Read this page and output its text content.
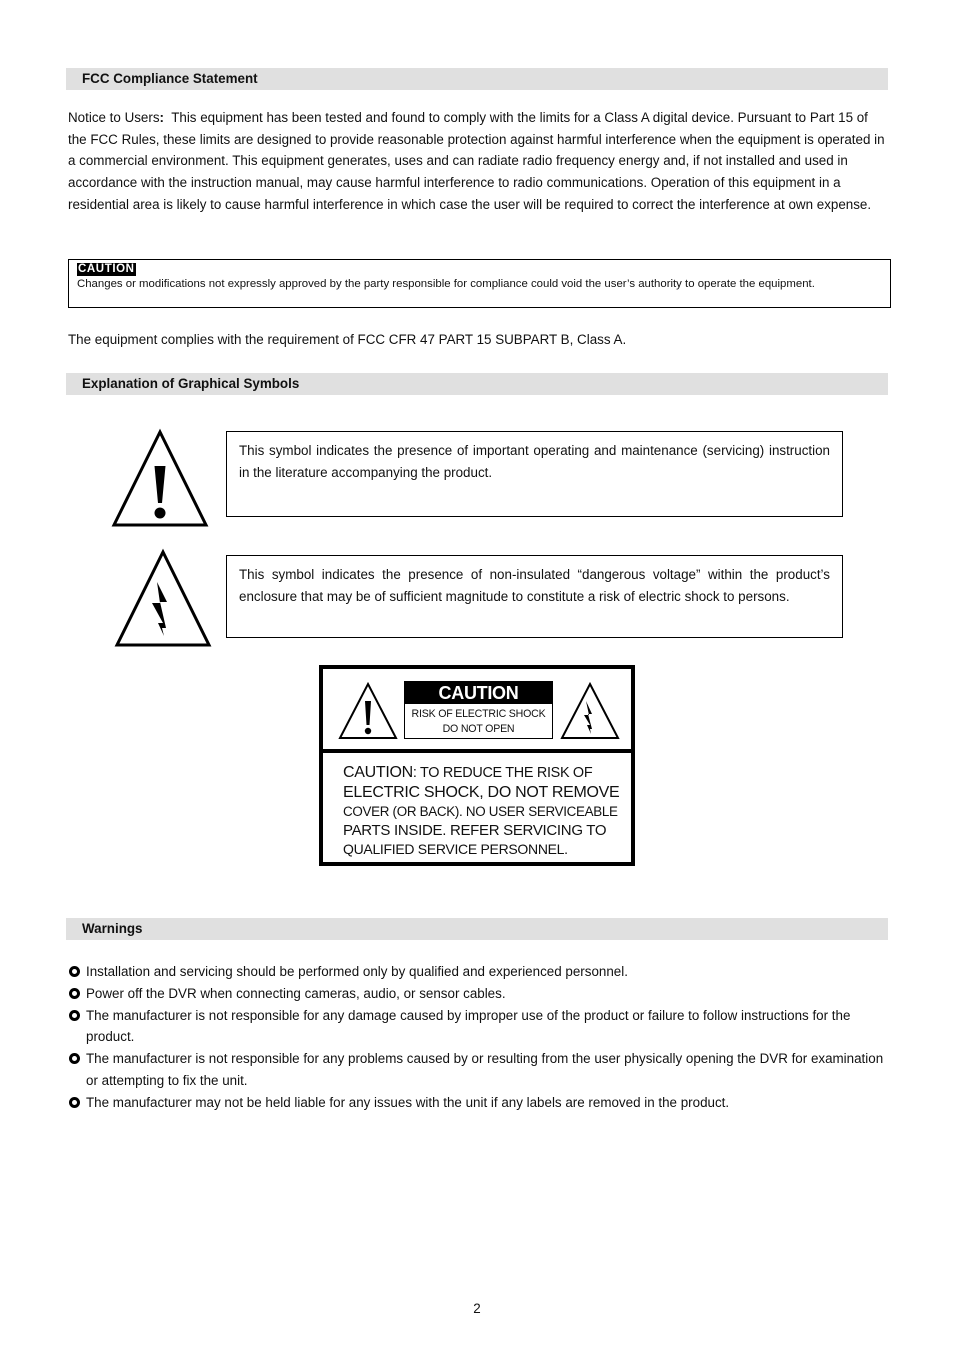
FCC Compliance Statement
Notice to Users: This equipment has been tested and found to comply with the limits for a Class A digital device. Pursuant to Part 15 of the FCC Rules, these limits are designed to provide reasonable protection against harmful interference when the equipment is operated in a commercial environment. This equipment generates, uses and can radiate radio frequency energy and, if not installed and used in accordance with the instruction manual, may cause harmful interference to radio communications. Operation of this equipment in a residential area is likely to cause harmful interference in which case the user will be required to correct the interference at own expense.
CAUTION
Changes or modifications not expressly approved by the party responsible for compliance could void the user’s authority to operate the equipment.
The equipment complies with the requirement of FCC CFR 47 PART 15 SUBPART B, Class A.
Explanation of Graphical Symbols
This symbol indicates the presence of important operating and maintenance (servicing) instruction in the literature accompanying the product.
This symbol indicates the presence of non-insulated “dangerous voltage” within the product’s enclosure that may be of sufficient magnitude to constitute a risk of electric shock to persons.
CAUTION
RISK OF ELECTRIC SHOCK
DO NOT OPEN
CAUTION: TO REDUCE THE RISK OF
ELECTRIC SHOCK, DO NOT REMOVE
COVER (OR BACK). NO USER SERVICEABLE
PARTS INSIDE. REFER SERVICING TO
QUALIFIED SERVICE PERSONNEL.
Warnings
Installation and servicing should be performed only by qualified and experienced personnel.
Power off the DVR when connecting cameras, audio, or sensor cables.
The manufacturer is not responsible for any damage caused by improper use of the product or failure to follow instructions for the product.
The manufacturer is not responsible for any problems caused by or resulting from the user physically opening the DVR for examination or attempting to fix the unit.
The manufacturer may not be held liable for any issues with the unit if any labels are removed in the product.
2
